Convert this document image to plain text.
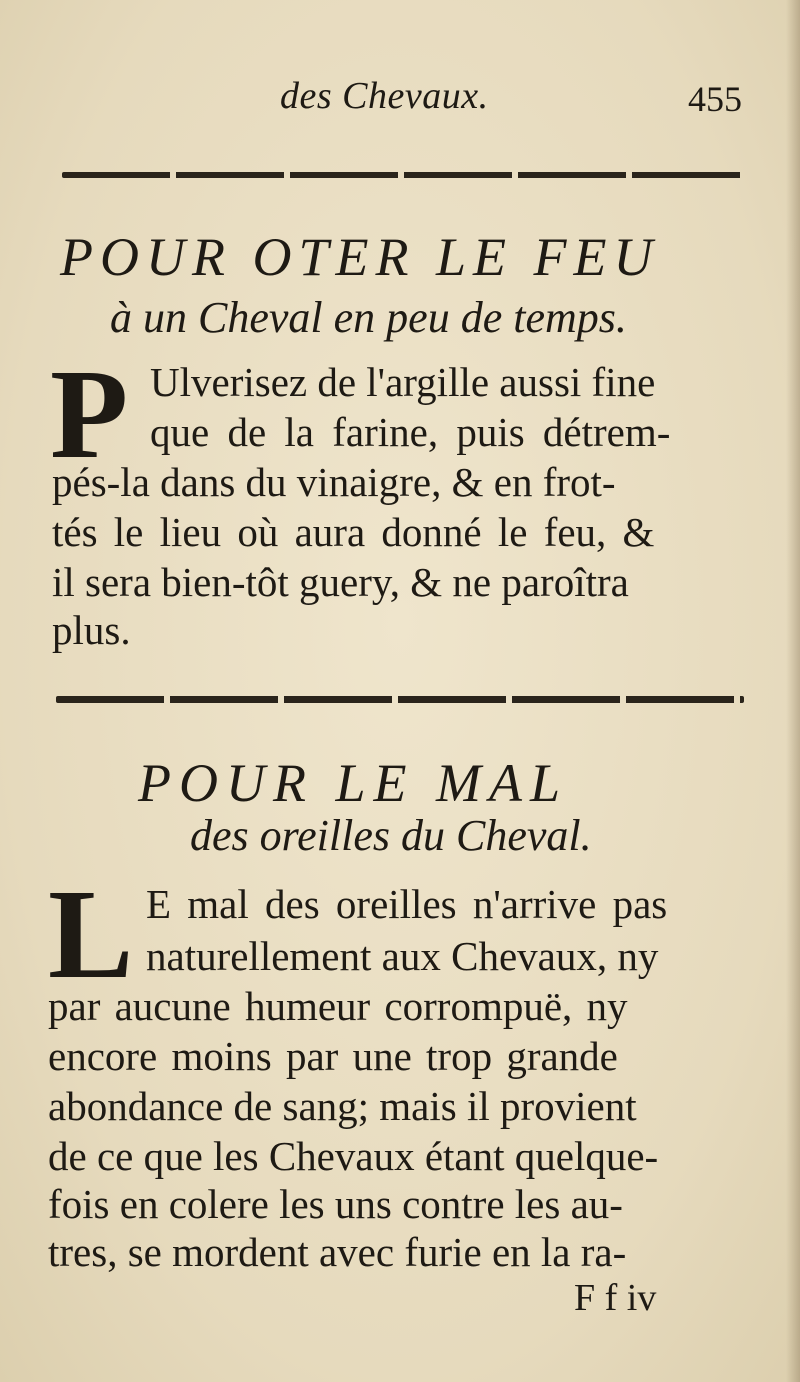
des Chevaux.	455
POUR OTER LE FEU
à un Cheval en peu de temps.
P Ulverisez de l'argille aussi fine
que de la farine, puis détrem-
pés-la dans du vinaigre, & en frot-
tés le lieu où aura donné le feu, &
il sera bien-tôt guery, & ne paroîtra
plus.
POUR LE MAL
des oreilles du Cheval.
L E mal des oreilles n'arrive pas
naturellement aux Chevaux, ny
par aucune humeur corrompuë, ny
encore moins par une trop grande
abondance de sang; mais il provient
de ce que les Chevaux étant quelque-
fois en colere les uns contre les au-
tres, se mordent avec furie en la ra-
F f iv
